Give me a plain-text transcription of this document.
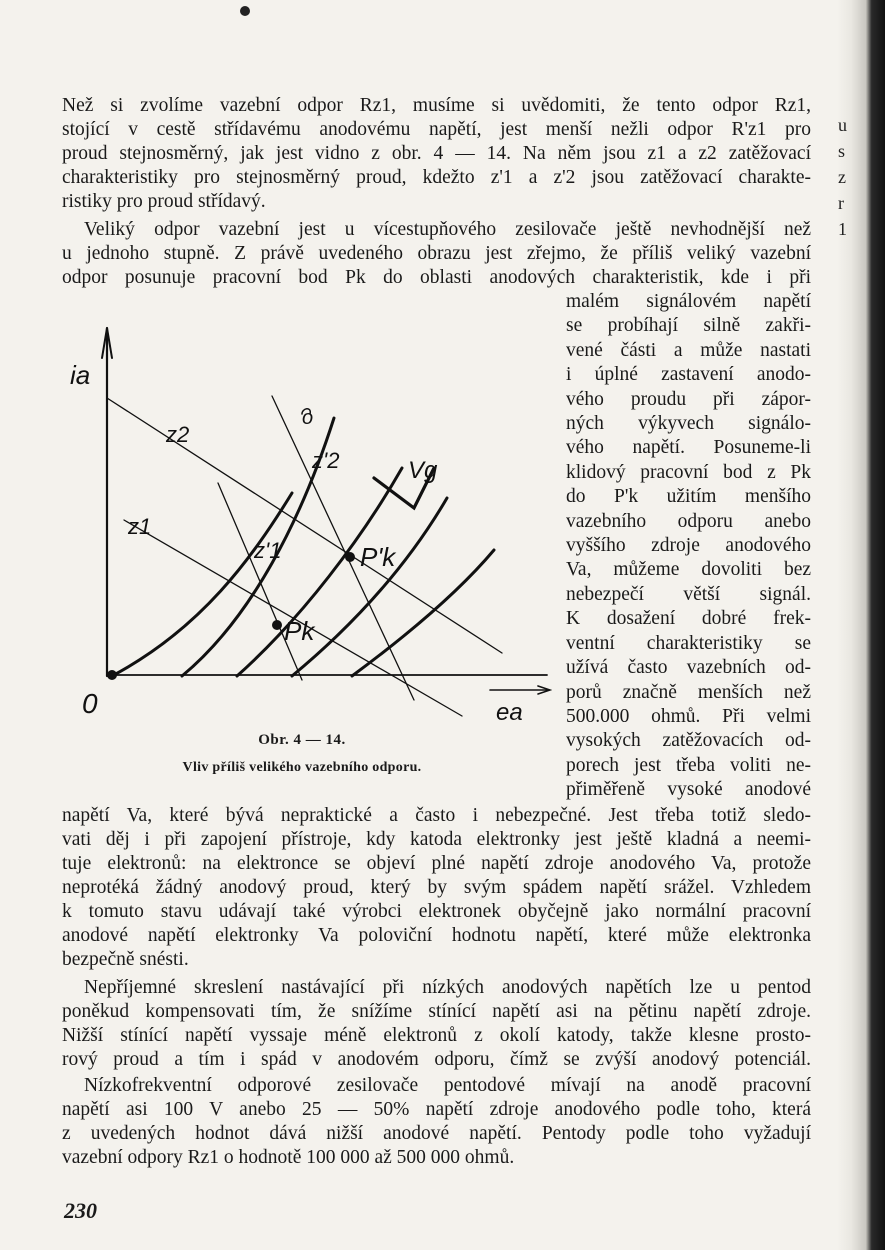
u
s
z
r
1
Než si zvolíme vazební odpor Rz1, musíme si uvědomiti, že tento odpor Rz1,
stojící v cestě střídavému anodovému napětí, jest menší nežli odpor R'z1 pro
proud stejnosměrný, jak jest vidno z obr. 4 — 14. Na něm jsou z1 a z2 zatěžovací
charakteristiky pro stejnosměrný proud, kdežto z'1 a z'2 jsou zatěžovací charakte-
ristiky pro proud střídavý.
Veliký odpor vazební jest u vícestupňového zesilovače ještě nevhodnější než
u jednoho stupně. Z právě uvedeného obrazu jest zřejmo, že příliš veliký vazební
odpor posunuje pracovní bod Pk do oblasti anodových charakteristik, kde i při
malém signálovém napětí
se probíhají silně zakři-
vené části a může nastati
i úplné zastavení anodo-
vého proudu při zápor-
ných výkyvech signálo-
vého napětí. Posuneme-li
klidový pracovní bod z Pk
do P'k užitím menšího
vazebního odporu anebo
vyššího zdroje anodového
Va, můžeme dovoliti bez
nebezpečí větší signál.
K dosažení dobré frek-
ventní charakteristiky se
užívá často vazebních od-
porů značně menších než
500.000 ohmů. Při velmi
vysokých zatěžovacích od-
porech jest třeba voliti ne-
přiměřeně vysoké anodové
ia
ea
0
z2
z1
z'2
z'1
o
Vg
Pk
P'k
Obr. 4 — 14.
Vliv příliš velikého vazebního odporu.
napětí Va, které bývá nepraktické a často i nebezpečné. Jest třeba totiž sledo-
vati děj i při zapojení přístroje, kdy katoda elektronky jest ještě kladná a neemi-
tuje elektronů: na elektronce se objeví plné napětí zdroje anodového Va, protože
neprotéká žádný anodový proud, který by svým spádem napětí srážel. Vzhledem
k tomuto stavu udávají také výrobci elektronek obyčejně jako normální pracovní
anodové napětí elektronky Va poloviční hodnotu napětí, které může elektronka
bezpečně snésti.
Nepříjemné skreslení nastávající při nízkých anodových napětích lze u pentod
poněkud kompensovati tím, že snížíme stínící napětí asi na pětinu napětí zdroje.
Nižší stínící napětí vyssaje méně elektronů z okolí katody, takže klesne prosto-
rový proud a tím i spád v anodovém odporu, čímž se zvýší anodový potenciál.
Nízkofrekventní odporové zesilovače pentodové mívají na anodě pracovní
napětí asi 100 V anebo 25 — 50% napětí zdroje anodového podle toho, která
z uvedených hodnot dává nižší anodové napětí. Pentody podle toho vyžadují
vazební odpory Rz1 o hodnotě 100 000 až 500 000 ohmů.
230
